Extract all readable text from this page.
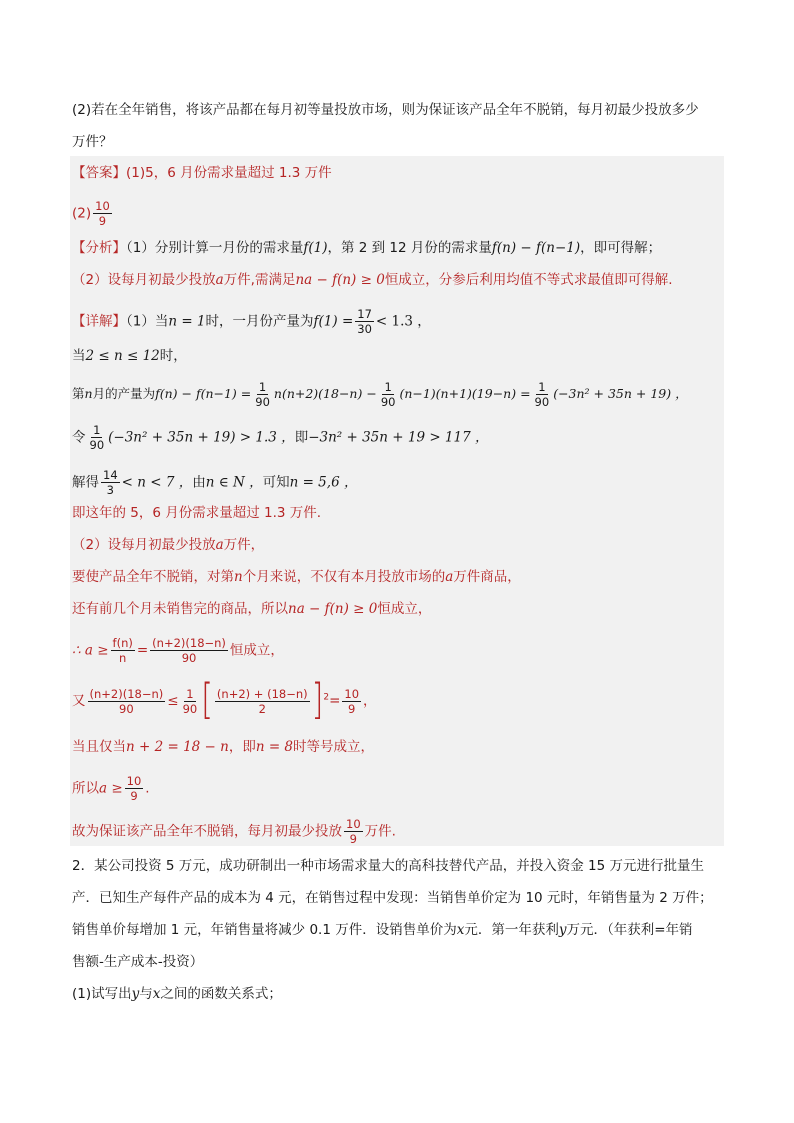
(2)若在全年销售，将该产品都在每月初等量投放市场，则为保证该产品全年不脱销，每月初最少投放多少
万件？
【答案】(1)5，6 月份需求量超过 1.3 万件
$(2) \frac{10}{9}$
【分析】（1）分别计算一月份的需求量f(1)，第 2 到 12 月份的需求量f(n) − f(n−1)，即可得解；
（2）设每月初最少投放a万件,需满足na − f(n) ≥ 0恒成立，分参后利用均值不等式求最值即可得解.
【详解】（1）当n = 1时，一月份产量为$f(1) = \frac{17}{30} < 1.3$ ，
当2 ≤ n ≤ 12时，
第n月的产量为$f(n) - f(n-1) = \frac{1}{90} n(n+2)(18-n) - \frac{1}{90} (n-1)(n+1)(19-n) = \frac{1}{90} (-3n^2 + 35n + 19)$ ，
令 $\frac{1}{90} (-3n^2 + 35n + 19) > 1.3$ ，即−3n² + 35n + 19 > 117 ，
解得 $\frac{14}{3} < n < 7$ ，由n ∈ N ，可知n = 5,6 ，
即这年的 5，6 月份需求量超过 1.3 万件.
（2）设每月初最少投放a万件，
要使产品全年不脱销，对第n个月来说，不仅有本月投放市场的a万件商品，
还有前几个月未销售完的商品，所以na − f(n) ≥ 0恒成立，
∴ $a \ge \frac{f(n)}{n} = \frac{(n+2)(18-n)}{90}$ 恒成立，
又 $\frac{(n+2)(18-n)}{90} \le \frac{1}{90}$ [ $\frac{(n+2) + (18-n)}{2} ]^2= \frac{10}{9}$ ，
当且仅当n + 2 = 18 − n，即n = 8时等号成立，
所以$a \ge \frac{10}{9}$ .
故为保证该产品全年不脱销，每月初最少投放 $\frac{10}{9}$ 万件.
2．某公司投资 5 万元，成功研制出一种市场需求量大的高科技替代产品，并投入资金 15 万元进行批量生
产．已知生产每件产品的成本为 4 元，在销售过程中发现：当销售单价定为 10 元时，年销售量为 2 万件；
销售单价每增加 1 元，年销售量将减少 0.1 万件．设销售单价为x元．第一年获利y万元．（年获利=年销
售额-生产成本-投资）
(1)试写出y与x之间的函数关系式；
